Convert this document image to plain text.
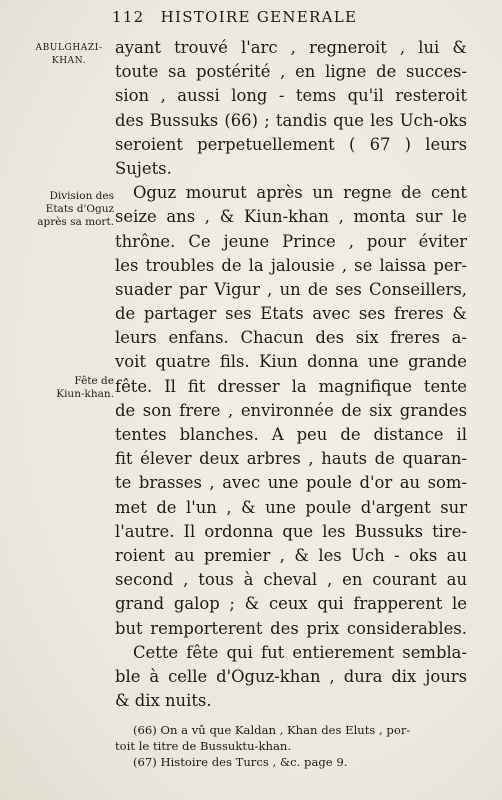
112 HISTOIRE GENERALE
ABULGHAZI-
KHAN.
Division des
Etats d'Oguz
après sa mort.
Fête de
Kiun-khan.
ayant trouvé l'arc , regneroit , lui &
toute sa postérité , en ligne de succes-
sion , aussi long - tems qu'il resteroit
des Bussuks (66) ; tandis que les Uch-oks
seroient perpetuellement ( 67 ) leurs
Sujets.
Oguz mourut après un regne de cent
seize ans , & Kiun-khan , monta sur le
thrône. Ce jeune Prince , pour éviter
les troubles de la jalousie , se laissa per-
suader par Vigur , un de ses Conseillers,
de partager ses Etats avec ses freres &
leurs enfans. Chacun des six freres a-
voit quatre fils. Kiun donna une grande
fête. Il fit dresser la magnifique tente
de son frere , environnée de six grandes
tentes blanches. A peu de distance il
fit élever deux arbres , hauts de quaran-
te brasses , avec une poule d'or au som-
met de l'un , & une poule d'argent sur
l'autre. Il ordonna que les Bussuks tire-
roient au premier , & les Uch - oks au
second , tous à cheval , en courant au
grand galop ; & ceux qui frapperent le
but remporterent des prix considerables.
Cette fête qui fut entierement sembla-
ble à celle d'Oguz-khan , dura dix jours
& dix nuits.
(66) On a vû que Kaldan , Khan des Eluts , por-
toit le titre de Bussuktu-khan.
(67) Histoire des Turcs , &c. page 9.
